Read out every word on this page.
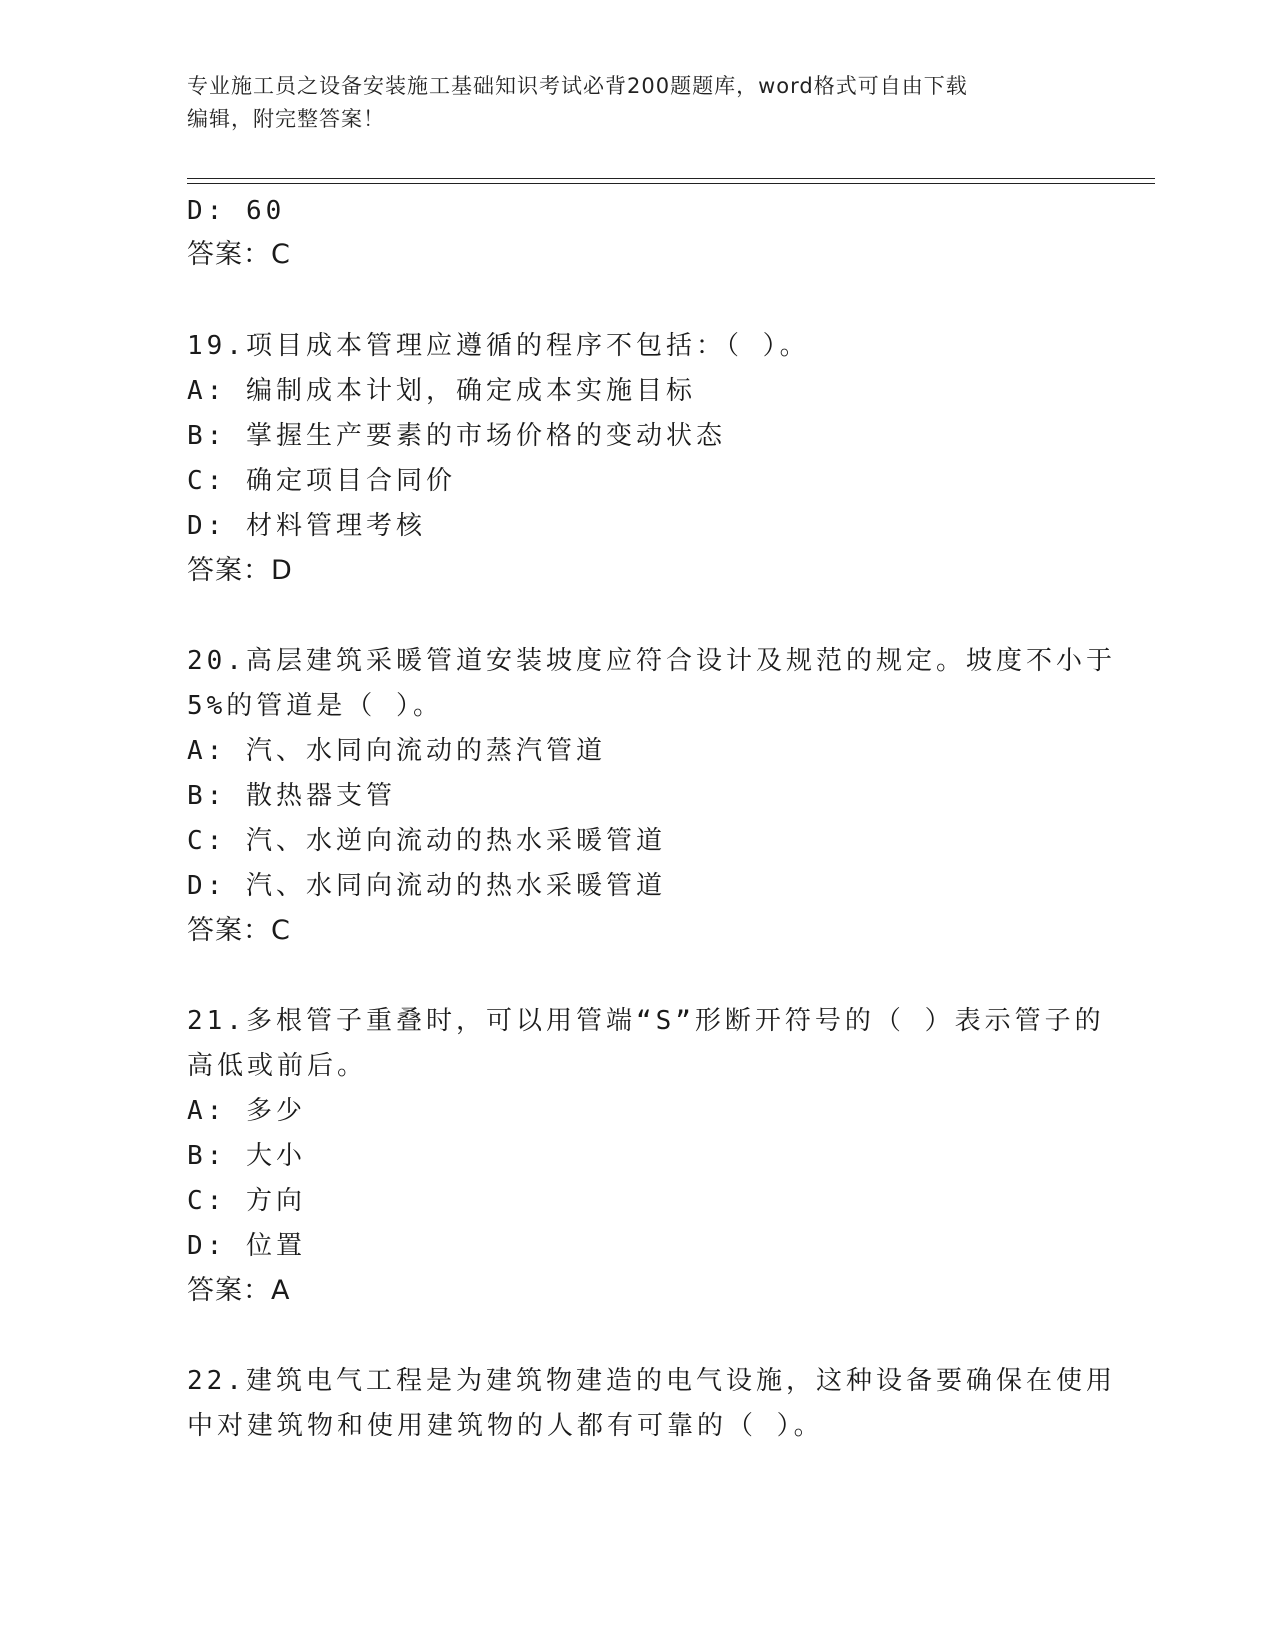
专业施工员之设备安装施工基础知识考试必背200题题库，word格式可自由下载
编辑，附完整答案！
D: 60
答案：C
19.项目成本管理应遵循的程序不包括：（ ）。
A: 编制成本计划，确定成本实施目标
B: 掌握生产要素的市场价格的变动状态
C: 确定项目合同价
D: 材料管理考核
答案：D
20.高层建筑采暖管道安装坡度应符合设计及规范的规定。坡度不小于
5%的管道是（ ）。
A: 汽、水同向流动的蒸汽管道
B: 散热器支管
C: 汽、水逆向流动的热水采暖管道
D: 汽、水同向流动的热水采暖管道
答案：C
21.多根管子重叠时，可以用管端“S”形断开符号的（ ）表示管子的
高低或前后。
A: 多少
B: 大小
C: 方向
D: 位置
答案：A
22.建筑电气工程是为建筑物建造的电气设施，这种设备要确保在使用
中对建筑物和使用建筑物的人都有可靠的（ ）。
